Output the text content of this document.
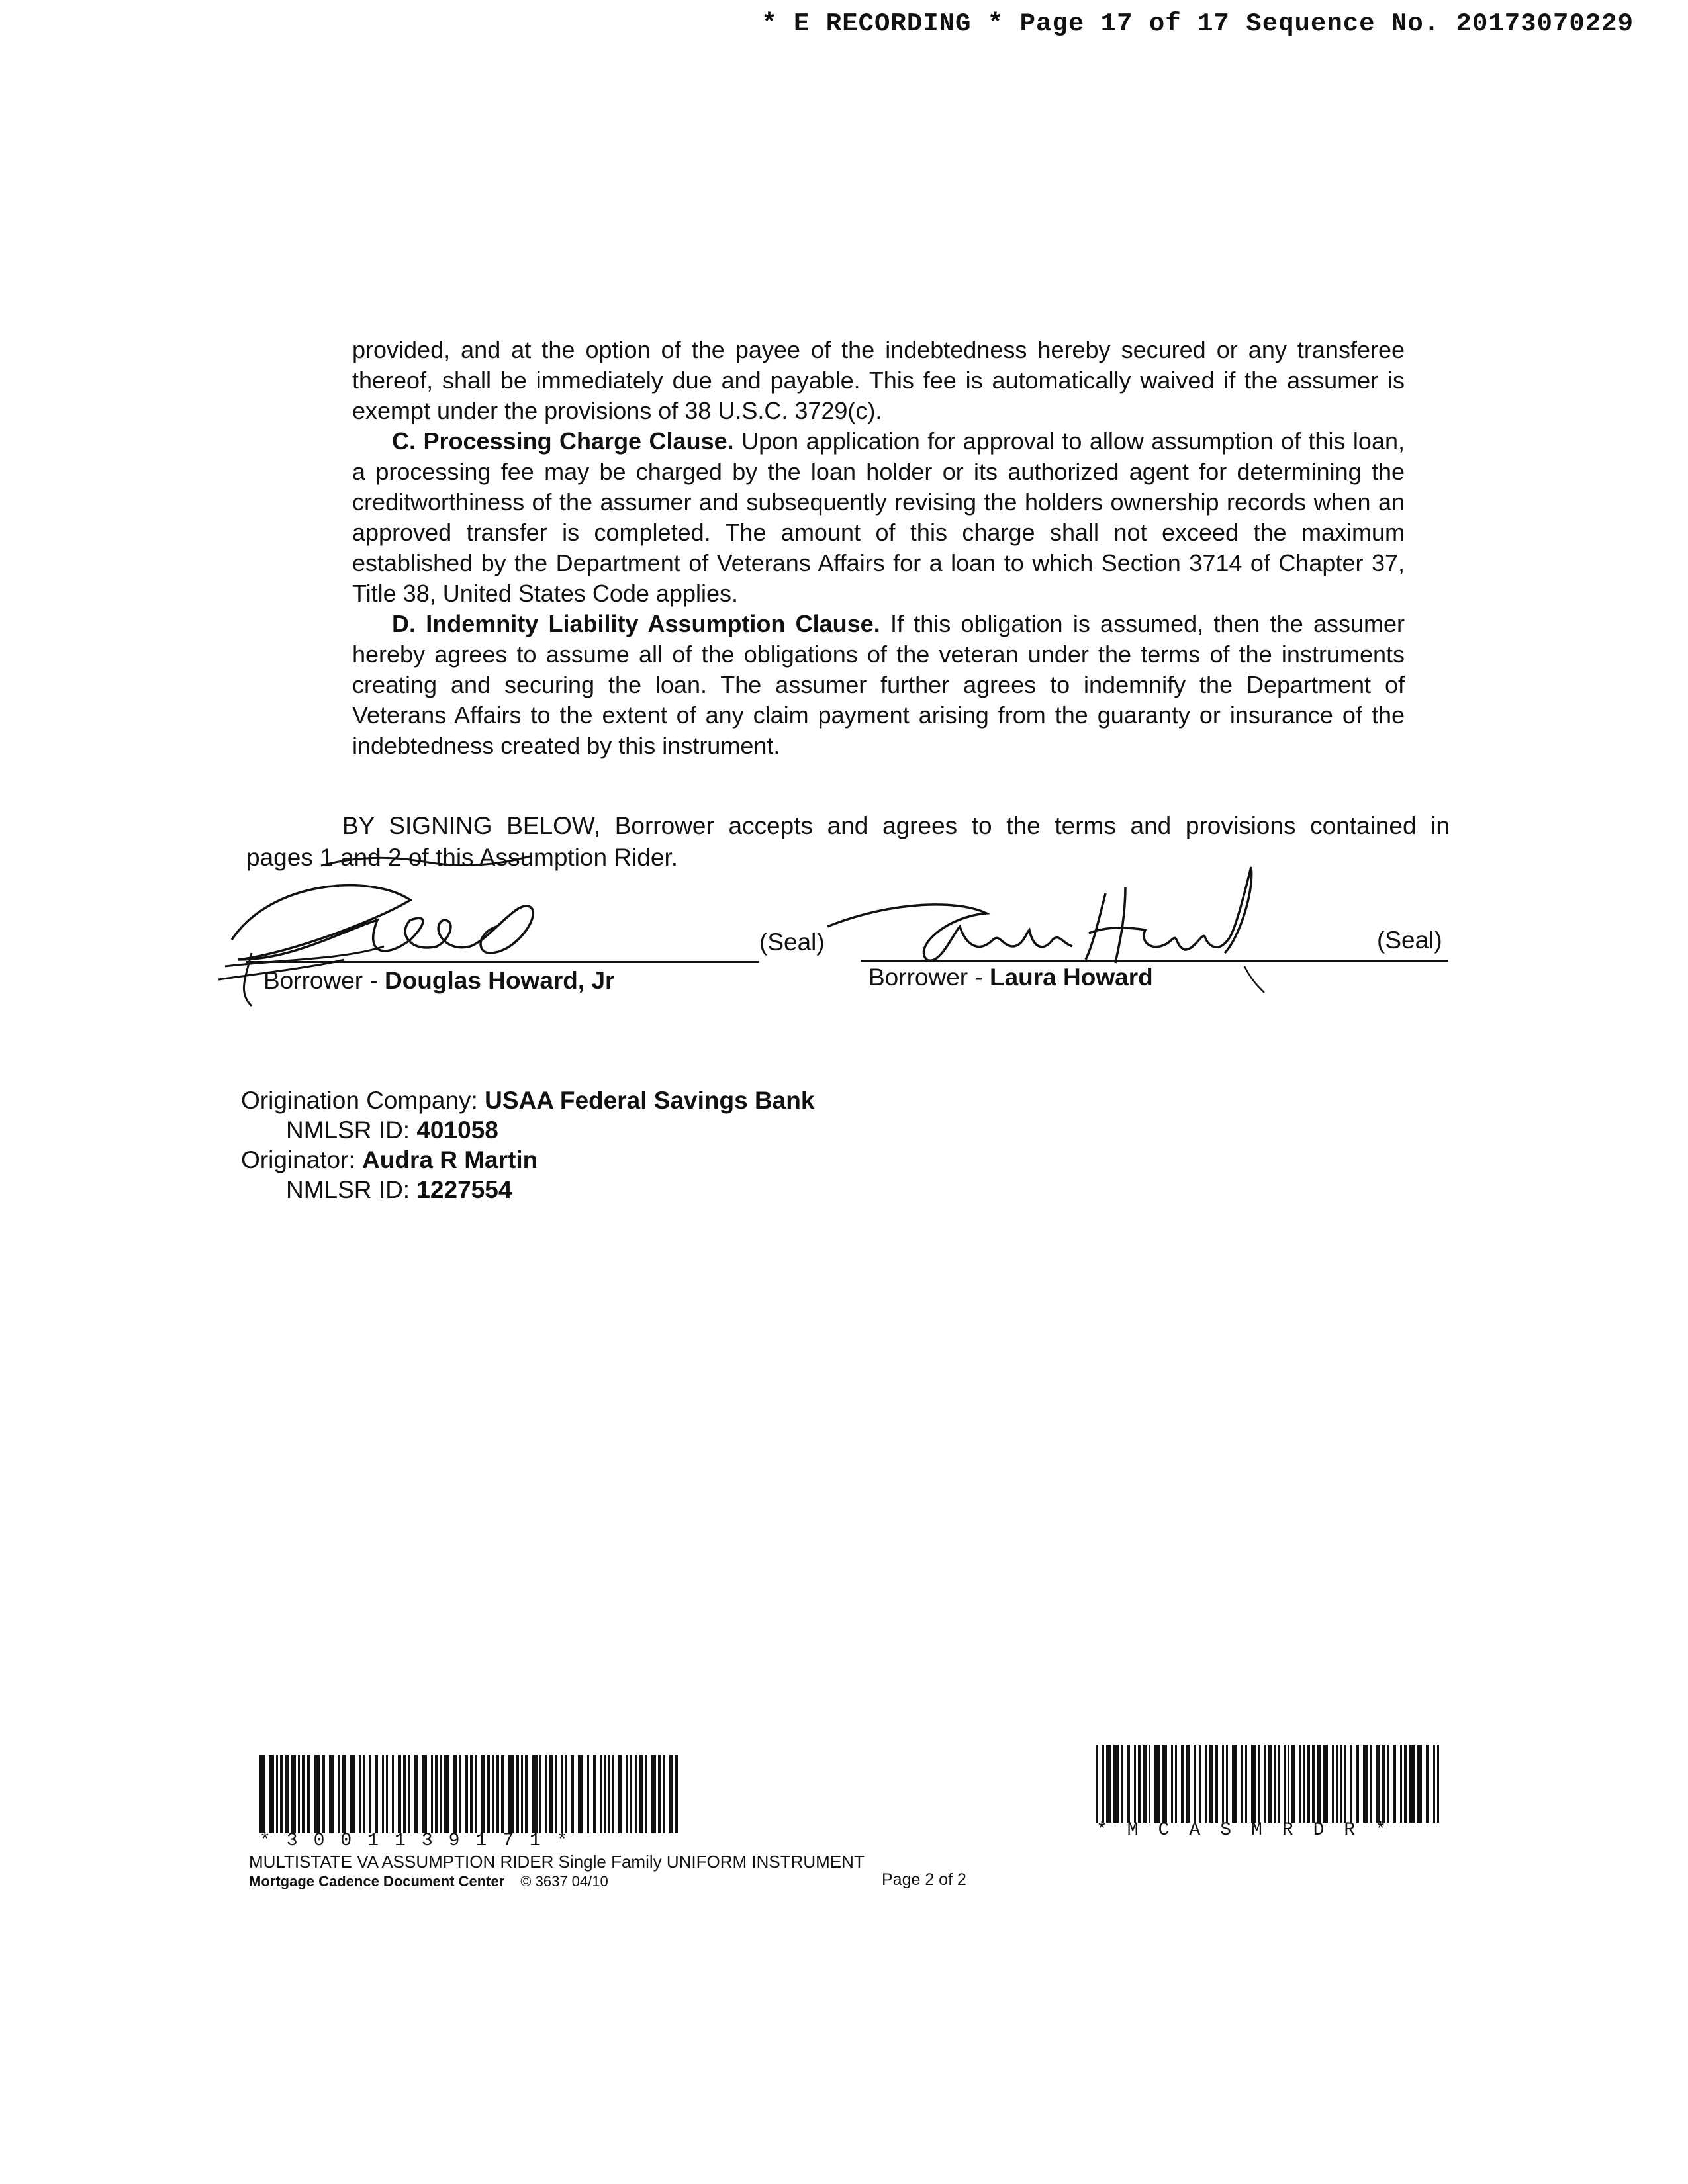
* E RECORDING * Page 17 of 17 Sequence No. 20173070229

provided, and at the option of the payee of the indebtedness hereby secured or any transferee thereof, shall be immediately due and payable. This fee is automatically waived if the assumer is exempt under the provisions of 38 U.S.C. 3729(c).

C. Processing Charge Clause. Upon application for approval to allow assumption of this loan, a processing fee may be charged by the loan holder or its authorized agent for determining the creditworthiness of the assumer and subsequently revising the holders ownership records when an approved transfer is completed. The amount of this charge shall not exceed the maximum established by the Department of Veterans Affairs for a loan to which Section 3714 of Chapter 37, Title 38, United States Code applies.

D. Indemnity Liability Assumption Clause. If this obligation is assumed, then the assumer hereby agrees to assume all of the obligations of the veteran under the terms of the instruments creating and securing the loan. The assumer further agrees to indemnify the Department of Veterans Affairs to the extent of any claim payment arising from the guaranty or insurance of the indebtedness created by this instrument.

BY SIGNING BELOW, Borrower accepts and agrees to the terms and provisions contained in
pages 1 and 2 of this Assumption Rider.
(Seal)	(Seal)
Borrower - Douglas Howard, Jr	Borrower - Laura Howard
Origination Company: USAA Federal Savings Bank
NMLSR ID: 401058
Originator: Audra R Martin
NMLSR ID: 1227554
*3001139171*
*MCASMRDR*
MULTISTATE VA ASSUMPTION RIDER Single Family UNIFORM INSTRUMENT
Mortgage Cadence Document Center © 3637 04/10	Page 2 of 2
